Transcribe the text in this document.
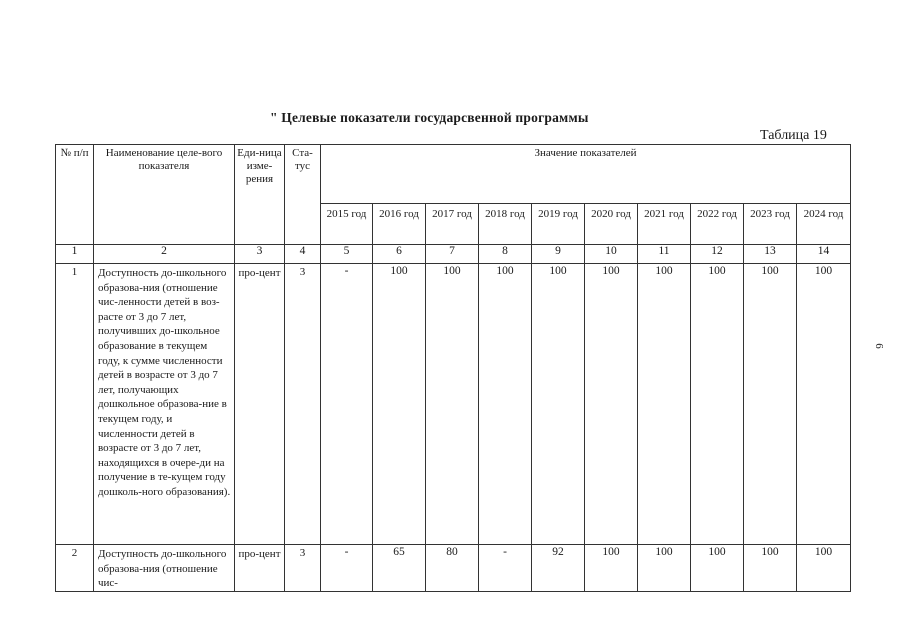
" Целевые показатели государсвенной программы
Таблица 19
6
№ п/п	Наименование целе-вого показателя	Еди-ница изме-рения	Ста-тус	Значение показателей									
				2015 год	2016 год	2017 год	2018 год	2019 год	2020 год	2021 год	2022 год	2023 год	2024 год
1	2	3	4	5	6	7	8	9	10	11	12	13	14
1	Доступность до-школьного образова-ния (отношение чис-ленности детей в воз-расте от 3 до 7 лет, получивших до-школьное образование в текущем году, к сумме численности детей в возрасте от 3 до 7 лет, получающих дошкольное образова-ние в текущем году, и численности детей в возрасте от 3 до 7 лет, находящихся в очере-ди на получение в те-кущем году дошколь-ного образования).	про-цент	3	-	100	100	100	100	100	100	100	100	100
2	Доступность до-школьного образова-ния (отношение чис-	про-цент	3	-	65	80	-	92	100	100	100	100	100
